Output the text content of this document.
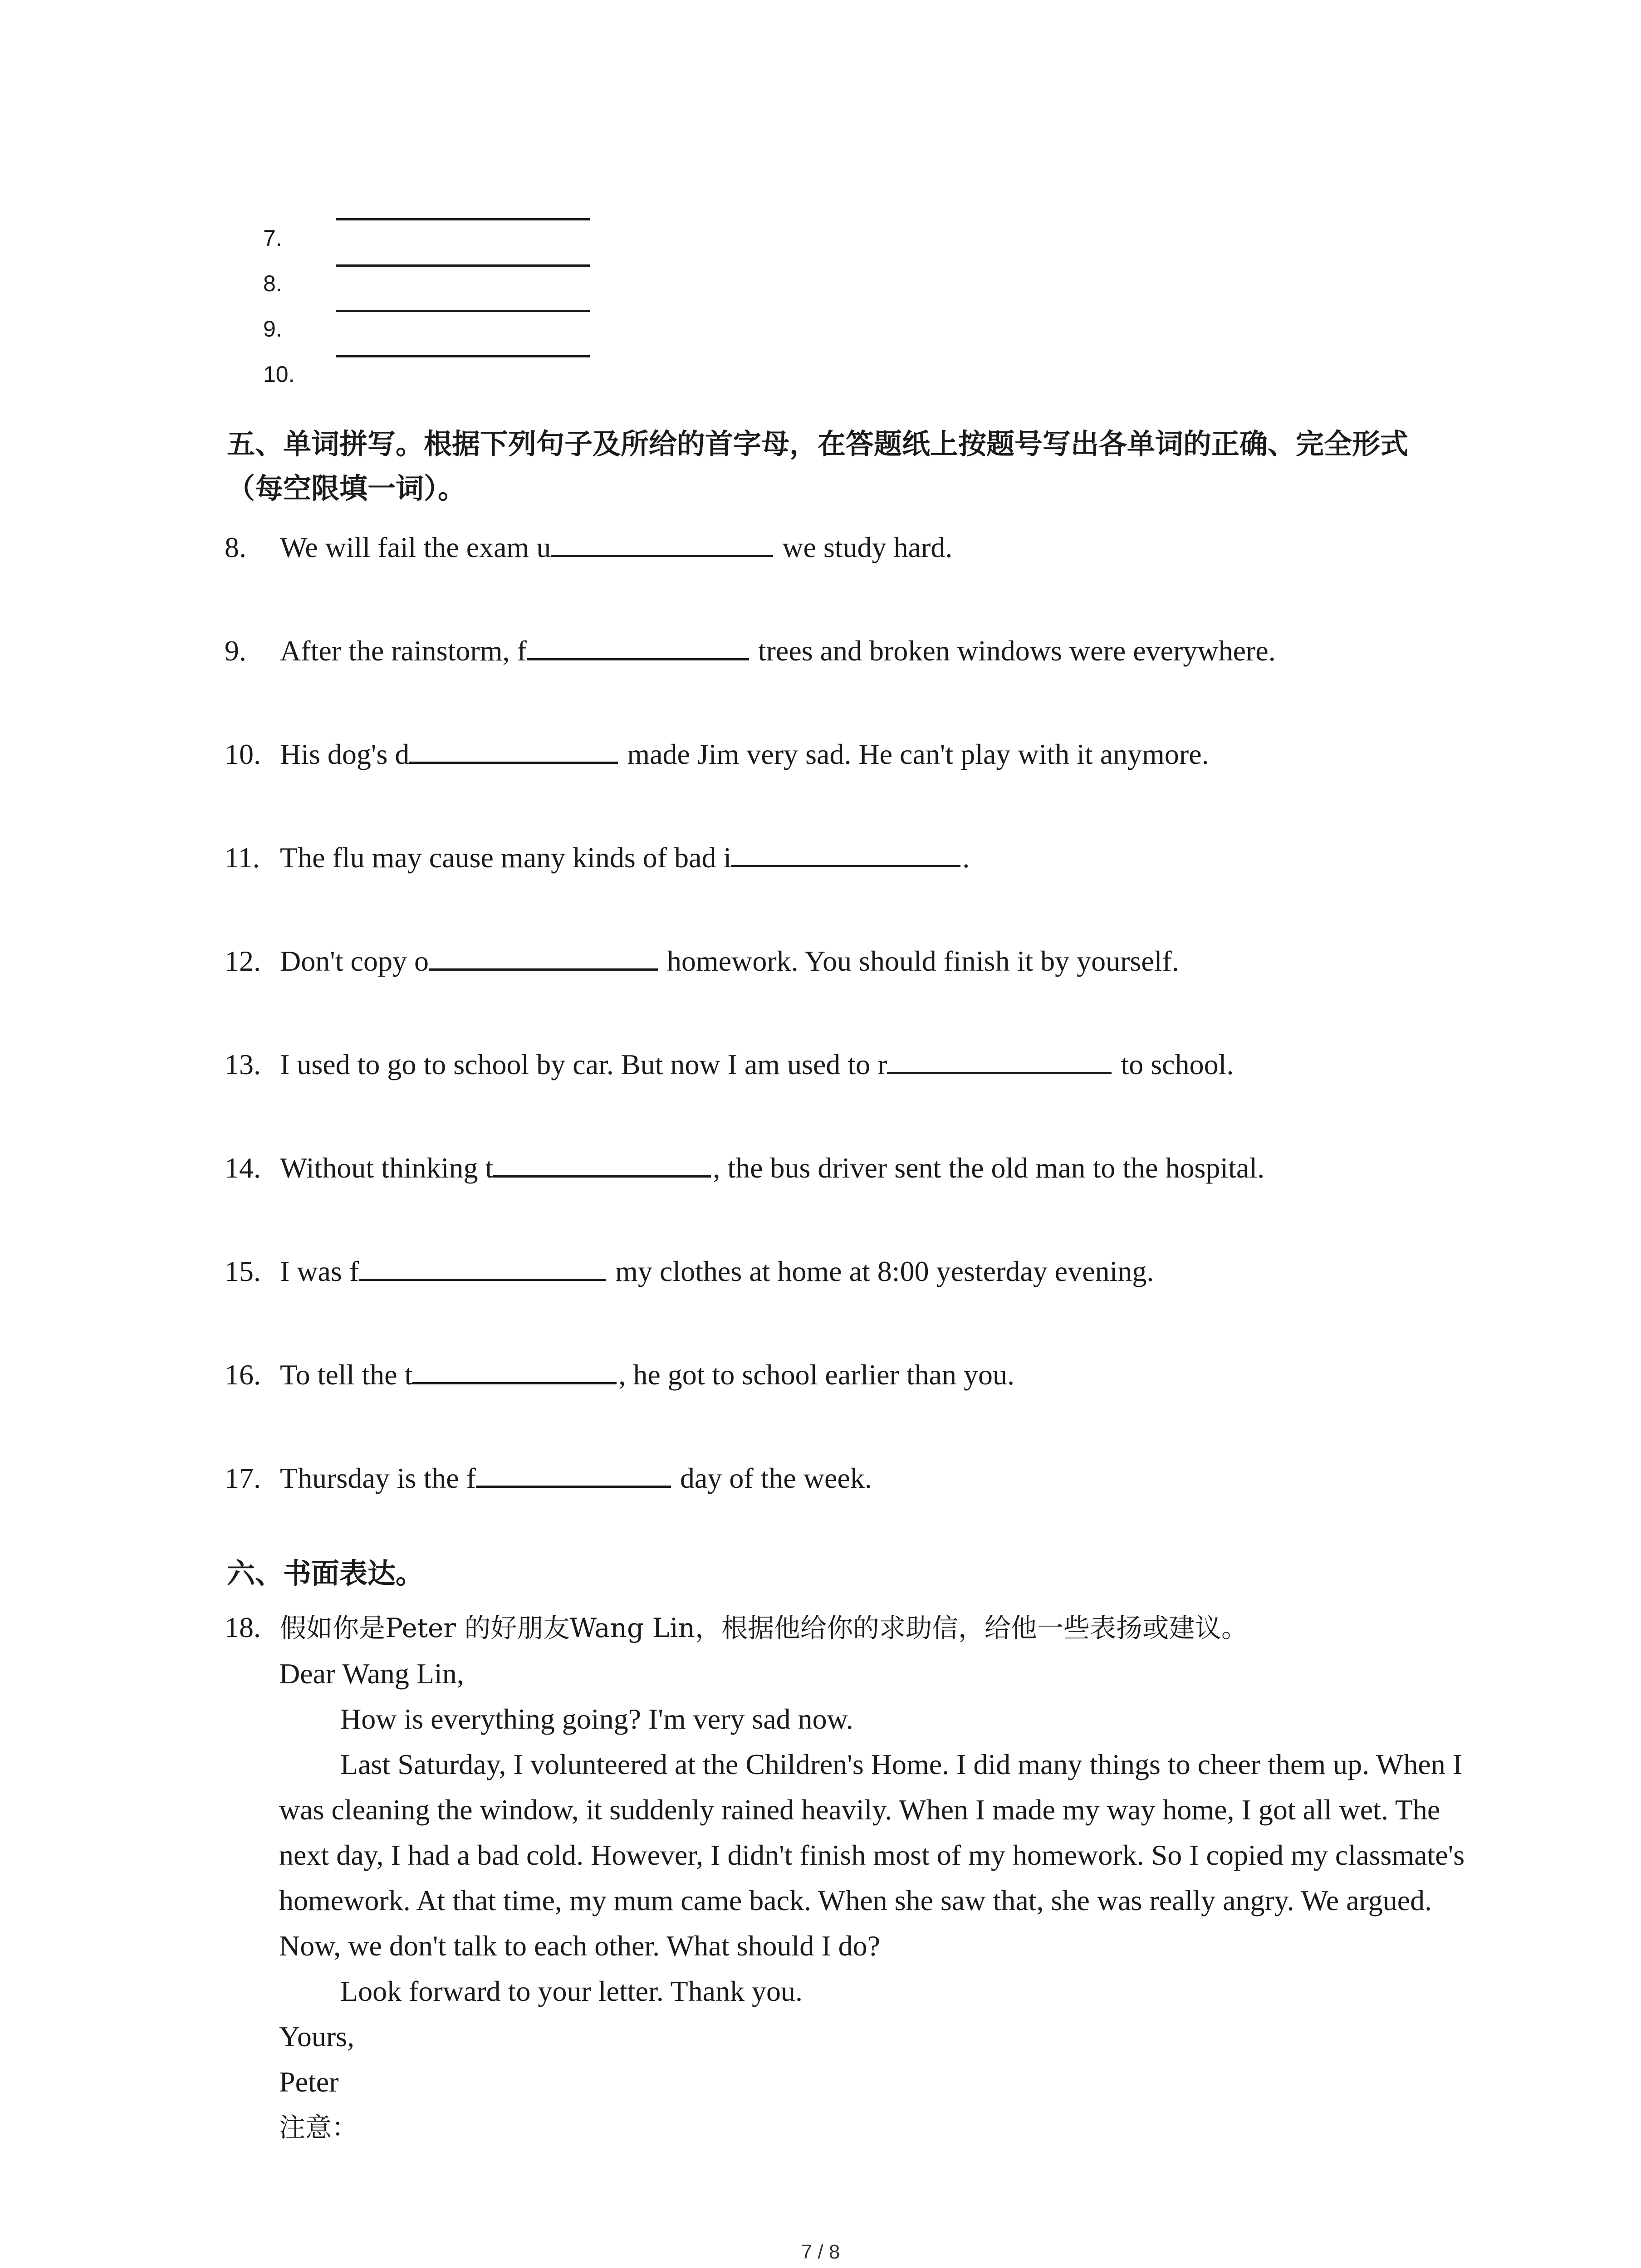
7.
8.
9.
10.
五、单词拼写。根据下列句子及所给的首字母，在答题纸上按题号写出各单词的正确、完全形式（每空限填一词）。
8. We will fail the exam u	we study hard.
9. After the rainstorm, f	trees and broken windows were everywhere.
10. His dog's d	made Jim very sad. He can't play with it anymore.
11. The flu may cause many kinds of bad i	.
12. Don't copy o	homework. You should finish it by yourself.
13. I used to go to school by car. But now I am used to r	to school.
14. Without thinking t	, the bus driver sent the old man to the hospital.
15. I was f	my clothes at home at 8:00 yesterday evening.
16. To tell the t	, he got to school earlier than you.
17. Thursday is the f	day of the week.
六、书面表达。
18. 假如你是Peter 的好朋友Wang Lin，根据他给你的求助信，给他一些表扬或建议。

Dear Wang Lin,

How is everything going? I'm very sad now.

Last Saturday, I volunteered at the Children's Home. I did many things to cheer them up. When I was cleaning the window, it suddenly rained heavily. When I made my way home, I got all wet. The next day, I had a bad cold. However, I didn't finish most of my homework. So I copied my classmate's homework. At that time, my mum came back. When she saw that, she was really angry. We argued. Now, we don't talk to each other. What should I do?

Look forward to your letter. Thank you.

Yours,

Peter

注意：

7 / 8
